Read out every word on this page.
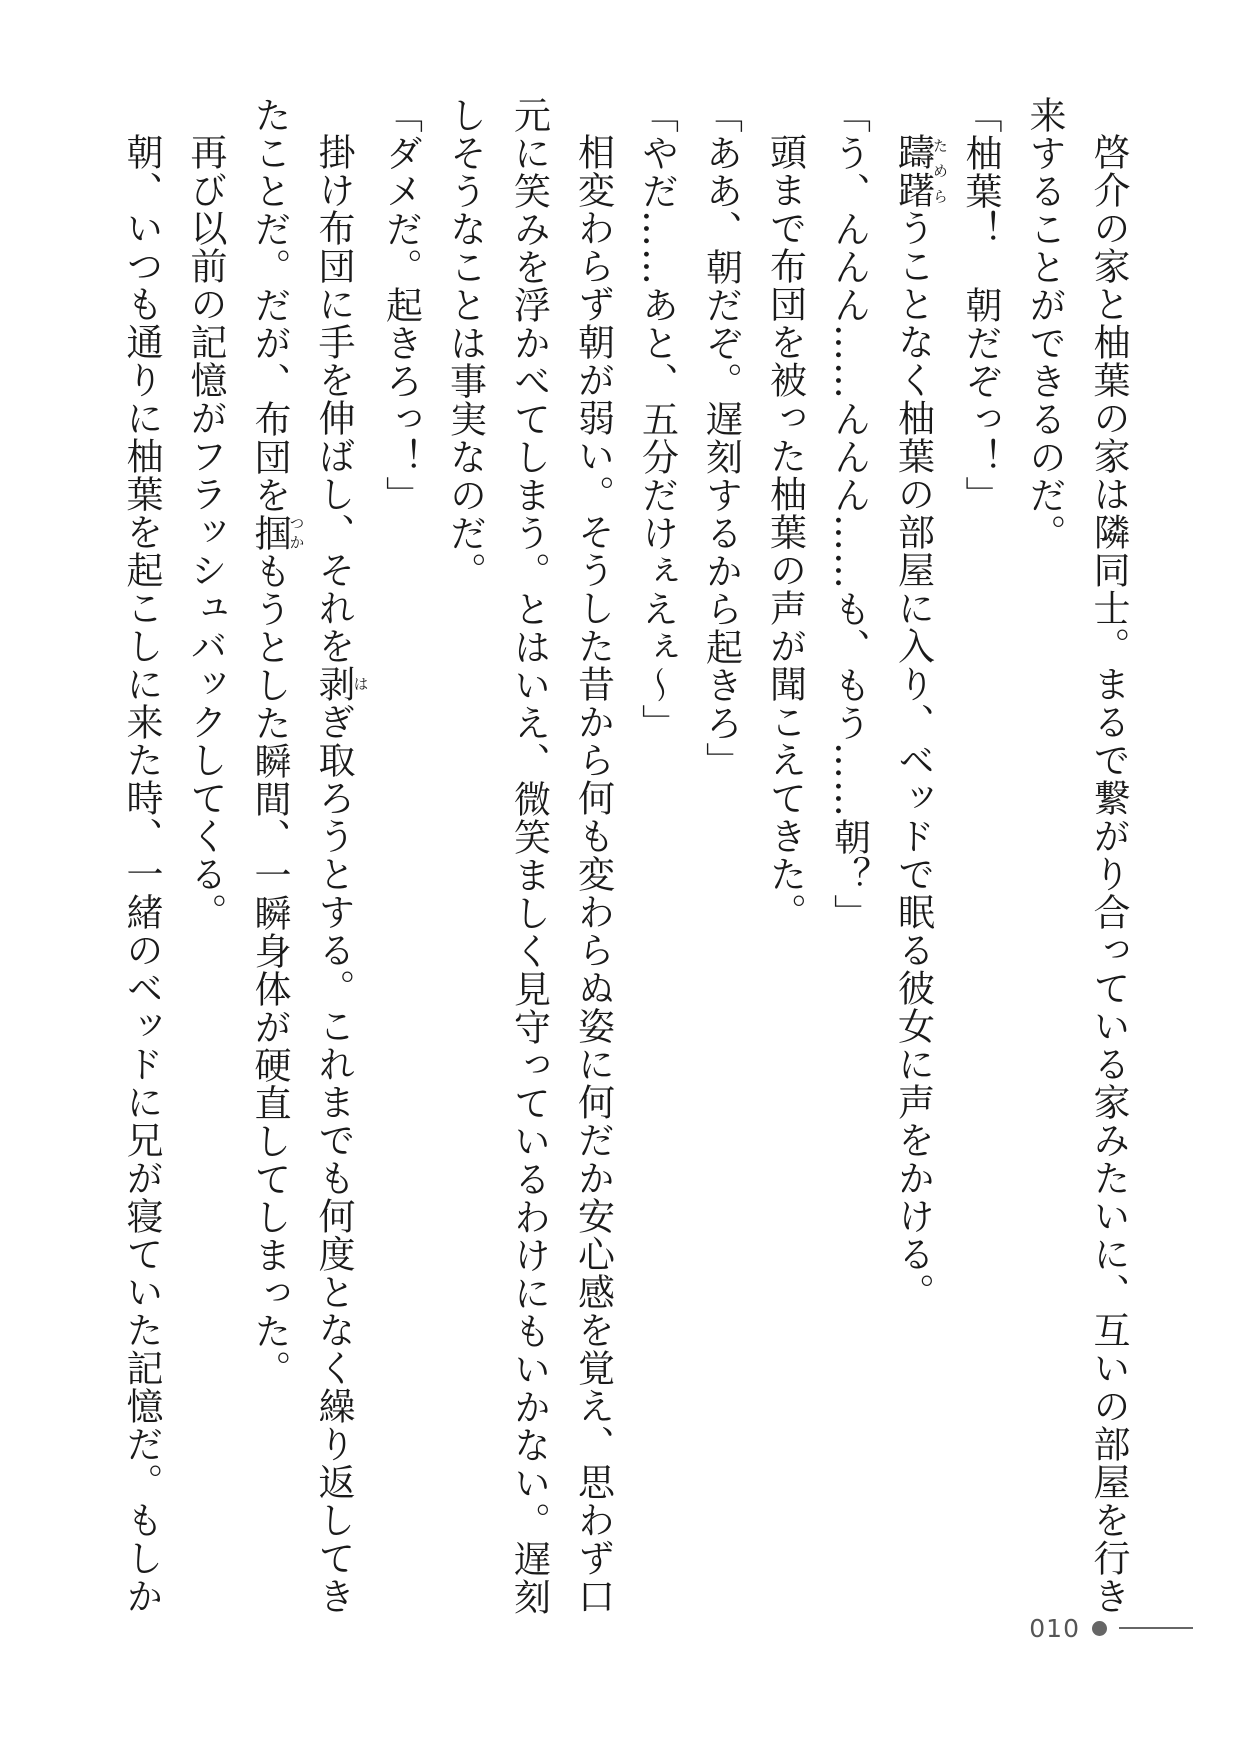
啓介の家と柚葉の家は隣同士。まるで繋がり合っている家みたいに、互いの部屋を行き来することができるのだ。

「柚葉！　朝だぞっ！」

躊躇ためらうことなく柚葉の部屋に入り、ベッドで眠る彼女に声をかける。

「う、んんん……んんん……も、もう……朝？」

頭まで布団を被った柚葉の声が聞こえてきた。

「ああ、朝だぞ。遅刻するから起きろ」

「やだ……あと、五分だけぇえぇ～」

相変わらず朝が弱い。そうした昔から何も変わらぬ姿に何だか安心感を覚え、思わず口元に笑みを浮かべてしまう。とはいえ、微笑ましく見守っているわけにもいかない。遅刻しそうなことは事実なのだ。

「ダメだ。起きろっ！」

掛け布団に手を伸ばし、それを剥はぎ取ろうとする。これまでも何度となく繰り返してきたことだ。だが、布団を掴つかもうとした瞬間、一瞬身体が硬直してしまった。

再び以前の記憶がフラッシュバックしてくる。

朝、いつも通りに柚葉を起こしに来た時、一緒のベッドに兄が寝ていた記憶だ。もしか

010
